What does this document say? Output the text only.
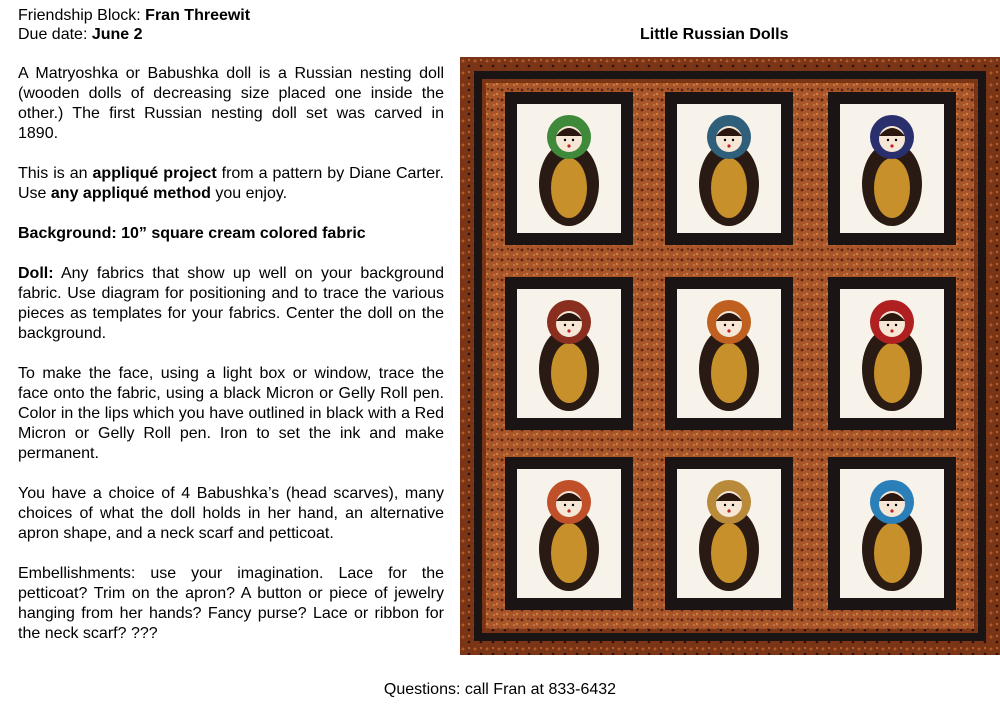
Friendship Block: Fran Threewit
Due date: June 2	Little Russian Dolls

A Matryoshka or Babushka doll is a Russian nesting doll (wooden dolls of decreasing size placed one inside the other.) The first Russian nesting doll set was carved in 1890.

This is an appliqué project from a pattern by Diane Carter. Use any appliqué method you enjoy.

Background: 10” square cream colored fabric

Doll: Any fabrics that show up well on your background fabric. Use diagram for positioning and to trace the various pieces as templates for your fabrics. Center the doll on the background.

To make the face, using a light box or window, trace the face onto the fabric, using a black Micron or Gelly Roll pen. Color in the lips which you have outlined in black with a Red Micron or Gelly Roll pen. Iron to set the ink and make permanent.

You have a choice of 4 Babushka’s (head scarves), many choices of what the doll holds in her hand, an alternative apron shape, and a neck scarf and petticoat.

Embellishments: use your imagination. Lace for the petticoat? Trim on the apron? A button or piece of jewelry hanging from her hands? Fancy purse? Lace or ribbon for the neck scarf? ???

Questions: call Fran at 833-6432
